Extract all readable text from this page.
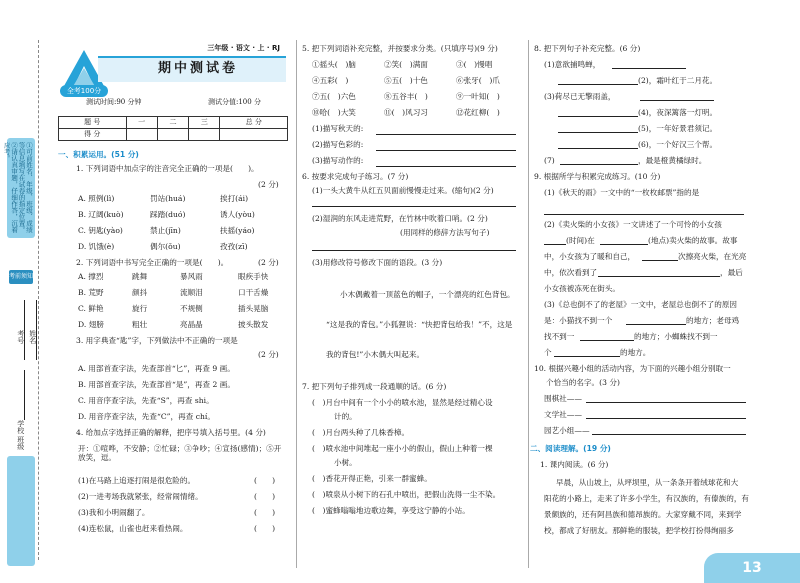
①可前姓名、年级、班级、成绩等信息填写在试卷的指定位置。②请认真审题，仔细作答，沉着应考。
考前须知
学校
班级
姓名
考号
全考100分
三年级 · 语文 · 上 · RJ
期中测试卷
测试时间:90 分钟	测试分值:100 分
题 号	一	二	三	总 分
得 分				
一、积累运用。(51 分)
1. 下列词语中加点字的注音完全正确的一项是(　　)。
(2 分)
A. 照例(lì)	罚站(huá)	挨打(ái)
B. 辽阔(kuò)	踩踏(duó)	诱人(yòu)
C. 钥匙(yào)	禁止(jīn)	扶摇(yáo)
D. 饥饿(è)	偶尔(ǒu)	孜孜(zī)
2. 下列词语中书写完全正确的一项是(　　)。	(2 分)
A. 撑烈	跳舞	暴风雨	眼疾手快
B. 荒野	颜抖	流顺泪	口干舌燥
C. 鲜艳	旋行	不规侧	插头晃脑
D. 翅膀	粗壮	亮晶晶	披头散发
3. 用字典查“匙”字，下列做法中不正确的一项是
(2 分)
A. 用部首查字法，先查部首“匕”，再查 9 画。
B. 用部首查字法，先查部首“是”，再查 2 画。
C. 用音序查字法，先查“S”，再查 shi。
D. 用音序查字法，先查“C”，再查 chí。
4. 给加点字选择正确的解释，把序号填入括号里。(4 分)
开：①喧哗，不安静；②忙碌；③争吵；④宣扬(感情)；⑤开放笑，逗。
(1)在马路上追逐打闹是很危险的。	(　　)
(2)一进考场我就紧张，经常闹情绪。	(　　)
(3)我和小明闹翻了。	(　　)
(4)连松鼠，山雀也赶来看热闹。	(　　)
5. 把下列词语补充完整，并按要求分类。(只填序号)(9 分)
①摇头(　)脑	②笑(　)满面	③(　)慢唱
④五彩(　)	⑤五(　)十色	⑥张牙(　)爪
⑦五(　)六色	⑧五谷丰(　)	⑨一叶知(　)
⑩哈(　)大笑	⑪(　)风习习	⑫花红柳(　)
(1)描写秋天的:
(2)描写色彩的:
(3)描写动作的:
6. 按要求完成句子练习。(7 分)
(1)一头大黄牛从红五贝面前慢慢走过来。(缩句)(2 分)
(2)湿润的东风走进荒野，在竹林中吹着口哨。(2 分)
(用同样的修辞方法写句子)
(3)用修改符号修改下面的语段。(3 分)
小木偶戴着一顶蓝色的帽子，一个漂亮的红色背包。
“这是我的背包。”小狐狸说：“快把背包给我！”不，这是
我的背包!”小木偶大叫起来。
7. 把下列句子排列成一段通顺的话。(6 分)
(　)月台中间有一个小小的喷水池，显然是经过精心设
计的。
(　)月台两头种了几株香樟。
(　)喷水池中间堆起一座小小的假山，假山上种着一棵
小树。
(　)香花开得正艳，引来一群蜜蜂。
(　)喷泉从小树下的石孔中喷出，把假山洗得一尘不染。
(　)蜜蜂嗡嗡地边歌边舞，享受这宁静的小站。
8. 把下列句子补充完整。(6 分)
(1)意欲捕鸣蝉，
(2)，霜叶红于二月花。
(3)荷尽已无擎雨盖，
(4)，夜深篱落一灯明。
(5)，一年好景君须记。
(6)，一个好汉三个帮。
(7)	，最是橙黄橘绿时。
9. 根据所学与积累完成练习。(10 分)
(1)《秋天的雨》一文中的“一枚枚邮票”指的是
(2)《卖火柴的小女孩》一文讲述了一个可怜的小女孩
(时间)在	(地点)卖火柴的故事。故事
中，小女孩为了暖和自己，	次擦亮火柴，在光亮
中，依次看到了	，最后
小女孩被冻死在街头。
(3)《总也倒不了的老屋》一文中，老屋总也倒不了的原因
是：小猫找不到一个	的地方；老母鸡
找不到一	的地方；小蜘蛛找不到一
个	的地方。
10. 根据兴趣小组的活动内容，为下面的兴趣小组分别取一
个恰当的名字。(3 分)
围棋社——
文学社——
园艺小组——
二、阅读理解。(19 分)
1. 课内阅读。(6 分)
早晨，从山坡上，从坪坝里，从一条条开着绒球花和大
阳花的小路上，走来了许多小学生，有汉族的，有傣族的，有
景颇族的，还有阿昌族和德昂族的。大家穿戴不同，来到学
校，都成了好朋友。那鲜艳的服装，把学校打扮得绚丽多
13
